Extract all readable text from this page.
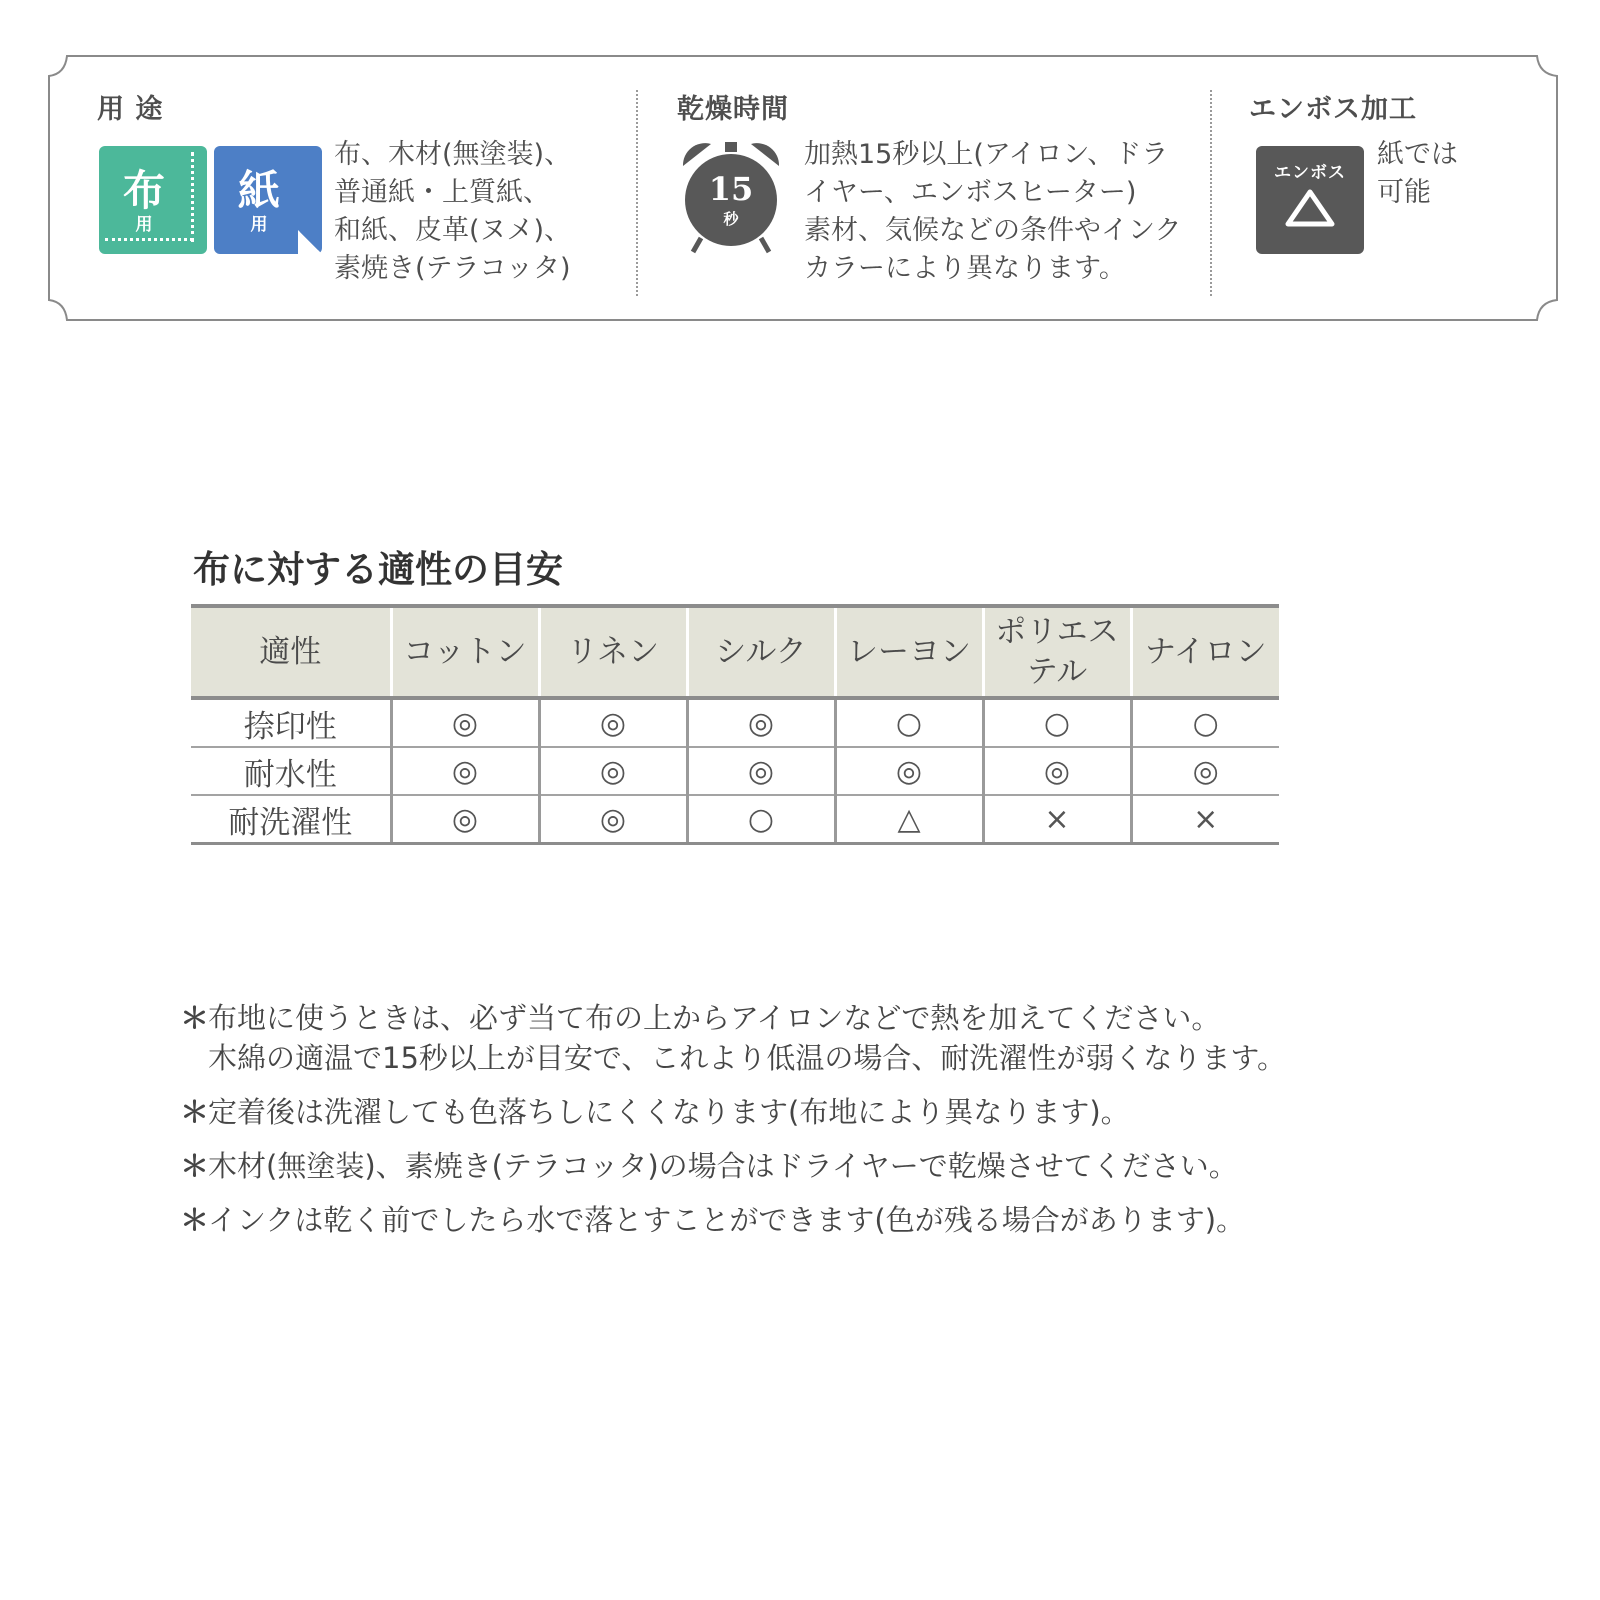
用 途
布
用
紙
用
布、木材(無塗装)、
普通紙・上質紙、
和紙、皮革(ヌメ)、
素焼き(テラコッタ)
乾燥時間
15
秒
加熱15秒以上(アイロン、ドラ
イヤー、エンボスヒーター)
素材、気候などの条件やインク
カラーにより異なります。
エンボス加工
エンボス
紙では
可能
布に対する適性の目安
適性	コットン	リネン	シルク	レーヨン	ポリエス
テル	ナイロン
捺印性	◎	◎	◎	○	○	○
耐水性	◎	◎	◎	◎	◎	◎
耐洗濯性	◎	◎	○	△	×	×
＊
布地に使うときは、必ず当て布の上からアイロンなどで熱を加えてください。
木綿の適温で15秒以上が目安で、これより低温の場合、耐洗濯性が弱くなります。
＊
定着後は洗濯しても色落ちしにくくなります(布地により異なります)。
＊
木材(無塗装)、素焼き(テラコッタ)の場合はドライヤーで乾燥させてください。
＊
インクは乾く前でしたら水で落とすことができます(色が残る場合があります)。
